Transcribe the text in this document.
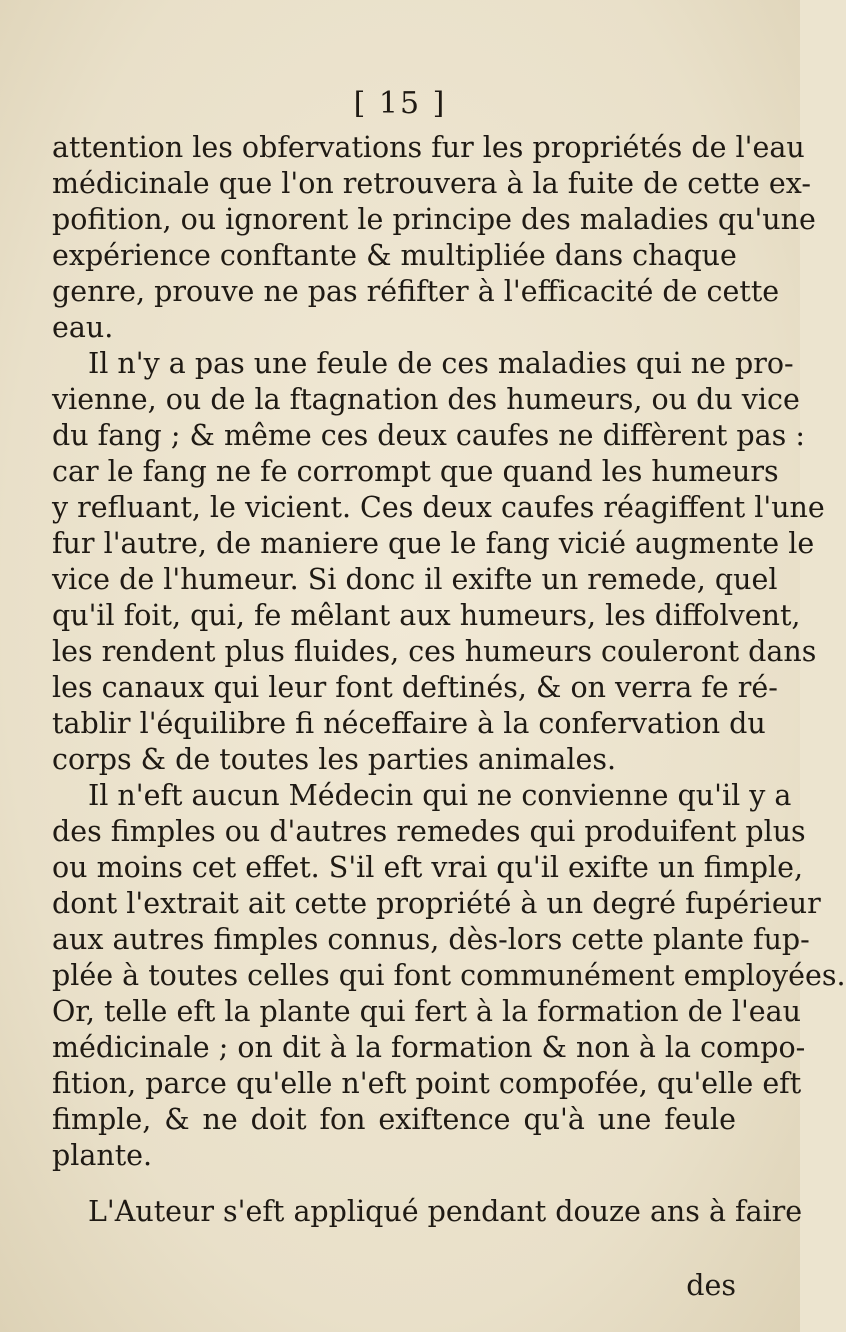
[ 15 ]
attention les obfervations fur les propriétés de l'eau
médicinale que l'on retrouvera à la fuite de cette ex-
pofition, ou ignorent le principe des maladies qu'une
expérience conftante & multipliée dans chaque
genre, prouve ne pas réfifter à l'efficacité de cette
eau.
Il n'y a pas une feule de ces maladies qui ne pro-
vienne, ou de la ftagnation des humeurs, ou du vice
du fang ; & même ces deux caufes ne diffèrent pas :
car le fang ne fe corrompt que quand les humeurs
y refluant, le vicient. Ces deux caufes réagiffent l'une
fur l'autre, de maniere que le fang vicié augmente le
vice de l'humeur. Si donc il exifte un remede, quel
qu'il foit, qui, fe mêlant aux humeurs, les diffolvent,
les rendent plus fluides, ces humeurs couleront dans
les canaux qui leur font deftinés, & on verra fe ré-
tablir l'équilibre fi néceffaire à la confervation du
corps & de toutes les parties animales.
Il n'eft aucun Médecin qui ne convienne qu'il y a
des fimples ou d'autres remedes qui produifent plus
ou moins cet effet. S'il eft vrai qu'il exifte un fimple,
dont l'extrait ait cette propriété à un degré fupérieur
aux autres fimples connus, dès-lors cette plante fup-
plée à toutes celles qui font communément employées.
Or, telle eft la plante qui fert à la formation de l'eau
médicinale ; on dit à la formation & non à la compo-
fition, parce qu'elle n'eft point compofée, qu'elle eft
fimple, & ne doit fon exiftence qu'à une feule
plante.
L'Auteur s'eft appliqué pendant douze ans à faire
des
